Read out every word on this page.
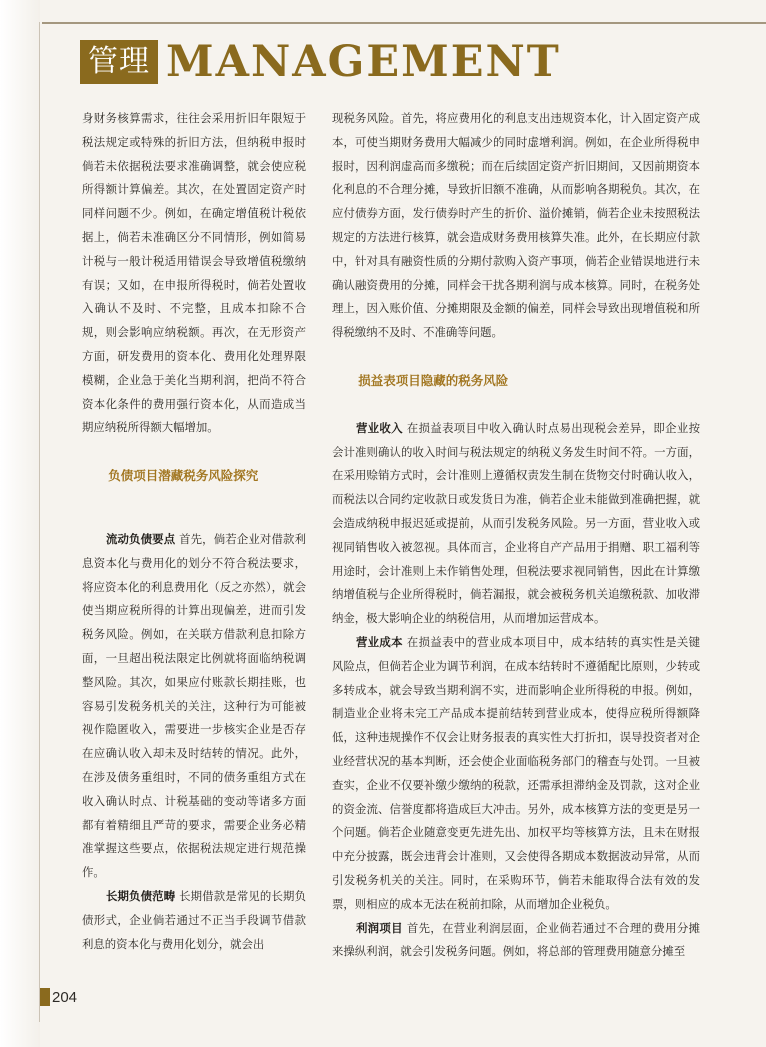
管理 MANAGEMENT

身财务核算需求，往往会采用折旧年限短于税法规定或特殊的折旧方法，但纳税申报时倘若未依据税法要求准确调整，就会使应税所得额计算偏差。其次，在处置固定资产时同样问题不少。例如，在确定增值税计税依据上，倘若未准确区分不同情形，例如简易计税与一般计税适用错误会导致增值税缴纳有误；又如，在申报所得税时，倘若处置收入确认不及时、不完整，且成本扣除不合规，则会影响应纳税额。再次，在无形资产方面，研发费用的资本化、费用化处理界限模糊，企业急于美化当期利润，把尚不符合资本化条件的费用强行资本化，从而造成当期应纳税所得额大幅增加。

负债项目潜藏税务风险探究

流动负债要点 首先，倘若企业对借款利息资本化与费用化的划分不符合税法要求，将应资本化的利息费用化（反之亦然），就会使当期应税所得的计算出现偏差，进而引发税务风险。例如，在关联方借款利息扣除方面，一旦超出税法限定比例就将面临纳税调整风险。其次，如果应付账款长期挂账，也容易引发税务机关的关注，这种行为可能被视作隐匿收入，需要进一步核实企业是否存在应确认收入却未及时结转的情况。此外，在涉及债务重组时，不同的债务重组方式在收入确认时点、计税基础的变动等诸多方面都有着精细且严苛的要求，需要企业务必精准掌握这些要点，依据税法规定进行规范操作。

长期负债范畴 长期借款是常见的长期负债形式，企业倘若通过不正当手段调节借款利息的资本化与费用化划分，就会出

现税务风险。首先，将应费用化的利息支出违规资本化，计入固定资产成本，可使当期财务费用大幅减少的同时虚增利润。例如，在企业所得税申报时，因利润虚高而多缴税；而在后续固定资产折旧期间，又因前期资本化利息的不合理分摊，导致折旧额不准确，从而影响各期税负。其次，在应付债券方面，发行债券时产生的折价、溢价摊销，倘若企业未按照税法规定的方法进行核算，就会造成财务费用核算失准。此外，在长期应付款中，针对具有融资性质的分期付款购入资产事项，倘若企业错误地进行未确认融资费用的分摊，同样会干扰各期利润与成本核算。同时，在税务处理上，因入账价值、分摊期限及金额的偏差，同样会导致出现增值税和所得税缴纳不及时、不准确等问题。

损益表项目隐藏的税务风险

营业收入 在损益表项目中收入确认时点易出现税会差异，即企业按会计准则确认的收入时间与税法规定的纳税义务发生时间不符。一方面，在采用赊销方式时，会计准则上遵循权责发生制在货物交付时确认收入，而税法以合同约定收款日或发货日为准，倘若企业未能做到准确把握，就会造成纳税申报迟延或提前，从而引发税务风险。另一方面，营业收入或视同销售收入被忽视。具体而言，企业将自产产品用于捐赠、职工福利等用途时，会计准则上未作销售处理，但税法要求视同销售，因此在计算缴纳增值税与企业所得税时，倘若漏报，就会被税务机关追缴税款、加收滞纳金，极大影响企业的纳税信用，从而增加运营成本。

营业成本 在损益表中的营业成本项目中，成本结转的真实性是关键风险点，但倘若企业为调节利润，在成本结转时不遵循配比原则，少转或多转成本，就会导致当期利润不实，进而影响企业所得税的申报。例如，制造业企业将未完工产品成本提前结转到营业成本，使得应税所得额降低，这种违规操作不仅会让财务报表的真实性大打折扣，误导投资者对企业经营状况的基本判断，还会使企业面临税务部门的稽查与处罚。一旦被查实，企业不仅要补缴少缴纳的税款，还需承担滞纳金及罚款，这对企业的资金流、信誉度都将造成巨大冲击。另外，成本核算方法的变更是另一个问题。倘若企业随意变更先进先出、加权平均等核算方法，且未在财报中充分披露，既会违背会计准则，又会使得各期成本数据波动异常，从而引发税务机关的关注。同时，在采购环节，倘若未能取得合法有效的发票，则相应的成本无法在税前扣除，从而增加企业税负。

利润项目 首先，在营业利润层面，企业倘若通过不合理的费用分摊来操纵利润，就会引发税务问题。例如，将总部的管理费用随意分摊至

204
